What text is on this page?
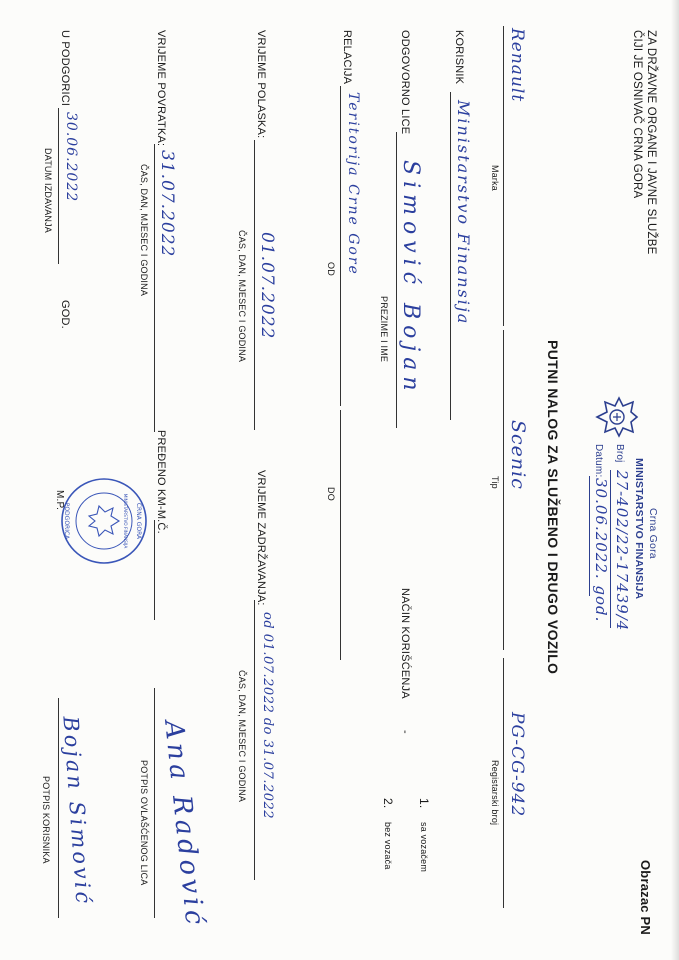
ZA DRŽAVNE ORGANE I JAVNE SLUŽBE
ČIJI JE OSNIVAČ CRNA GORA
Obrazac PN
PUTNI NALOG ZA SLUŽBENO I DRUGO VOZILO	Crna Gora
MINISTARSTVO FINANSIJA
Broj
27-402/22-17439/4
Datum:
30.06.2022. god.
Renault
Marka
Scenic
Tip
PG-CG-942
Registarski broj
KORISNIK
Ministarstvo Finansija
ODGOVORNO LICE
Simović Bojan
PREZIME I IME
NAČIN KORIŠĆENJA
-
1.
sa vozačem
2.
bez vozača
RELACIJA
Teritorija Crne Gore
OD
DO
VRIJEME POLASKA:
01.07.2022
ČAS, DAN, MJESEC I GODINA
VRIJEME ZADRŽAVANJA:
od 01.07.2022 do 31.07.2022
ČAS, DAN, MJESEC I GODINA
VRIJEME POVRATKA:
31.07.2022
ČAS, DAN, MJESEC I GODINA
PREĐENO KM-M.Č.
Ana Radović
POTPIS OVLAŠĆENOG LICA
CRNA GORA
MINISTARSTVO FINANSIJA
PODGORICA
U PODGORICI
30.06.2022
GOD.
DATUM IZDAVANJA
M.P.
Bojan Simović
POTPIS KORISNIKA
